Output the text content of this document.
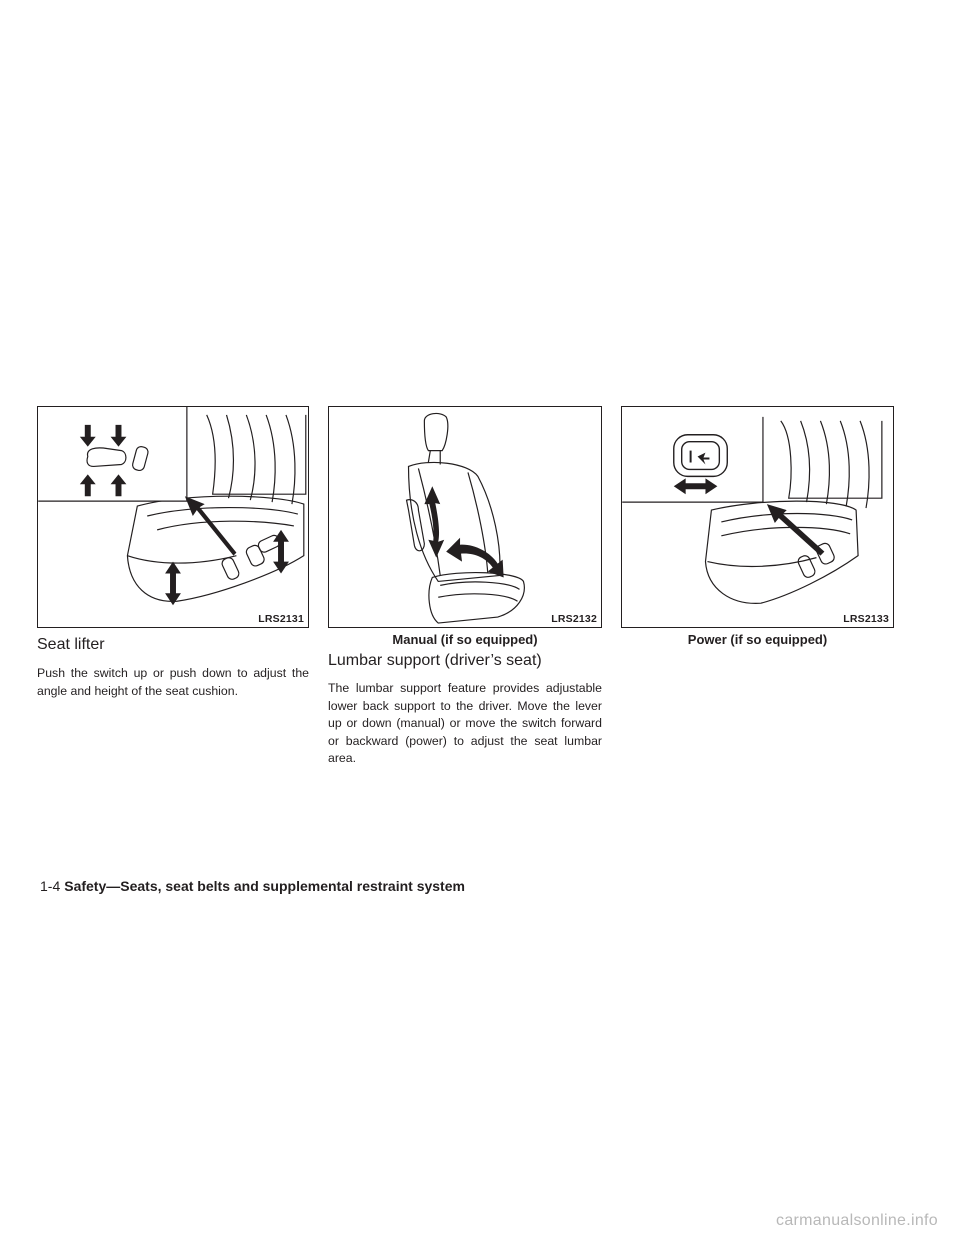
LRS2131	LRS2132	LRS2133
Manual (if so equipped)	Power (if so equipped)
Seat lifter

Push the switch up or push down to adjust the angle and height of the seat cushion.

Lumbar support (driver’s seat)

The lumbar support feature provides adjustable lower back support to the driver. Move the lever up or down (manual) or move the switch forward or backward (power) to adjust the seat lumbar area.

1-4 Safety—Seats, seat belts and supplemental restraint system
carmanualsonline.info
